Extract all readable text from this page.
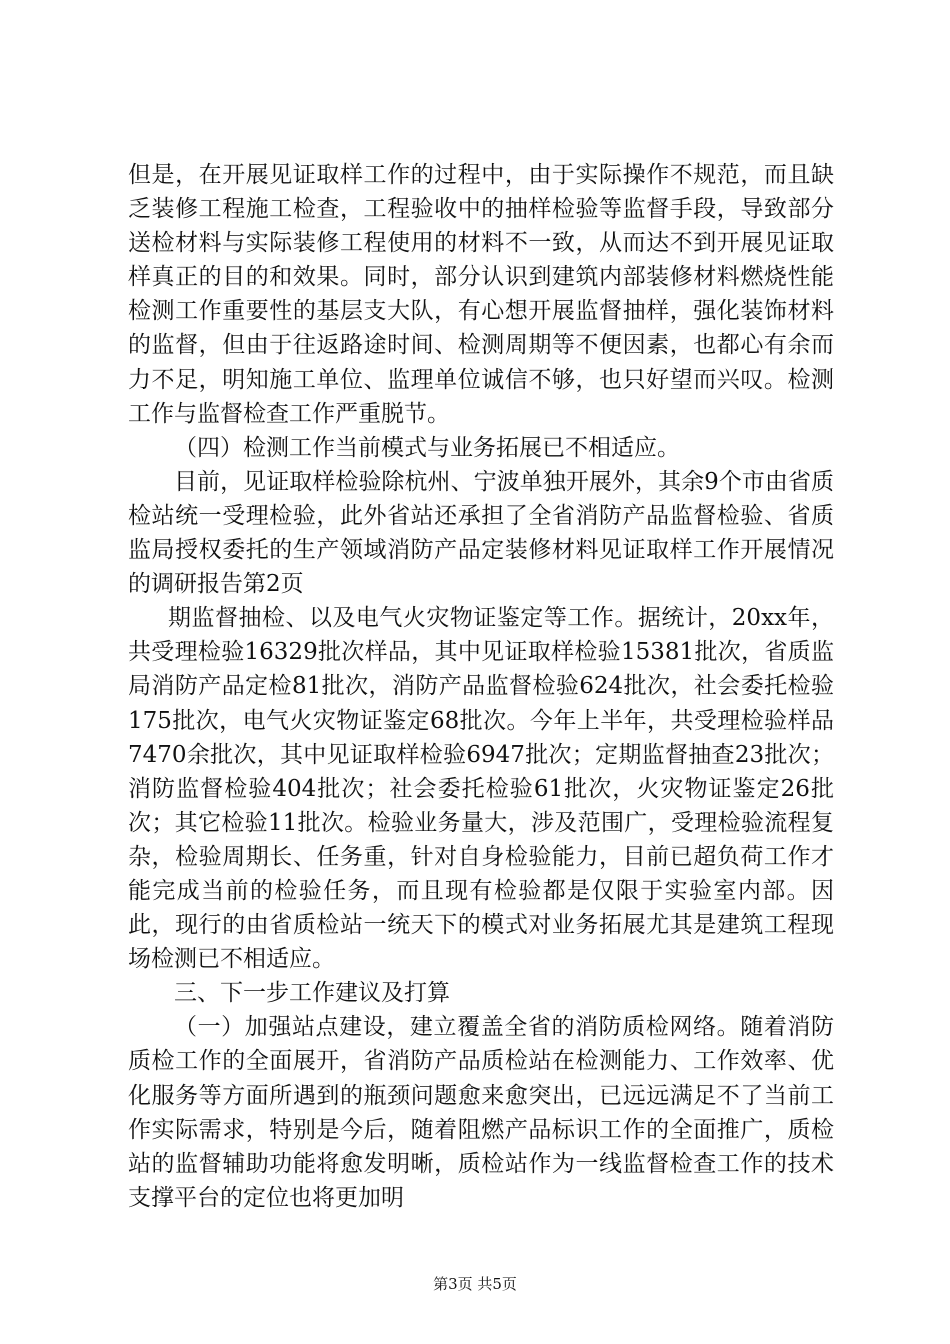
但是，在开展见证取样工作的过程中，由于实际操作不规范，而且缺乏装修工程施工检查，工程验收中的抽样检验等监督手段，导致部分送检材料与实际装修工程使用的材料不一致，从而达不到开展见证取样真正的目的和效果。同时，部分认识到建筑内部装修材料燃烧性能检测工作重要性的基层支大队，有心想开展监督抽样，强化装饰材料的监督，但由于往返路途时间、检测周期等不便因素，也都心有余而力不足，明知施工单位、监理单位诚信不够，也只好望而兴叹。检测工作与监督检查工作严重脱节。

（四）检测工作当前模式与业务拓展已不相适应。

目前，见证取样检验除杭州、宁波单独开展外，其余9个市由省质检站统一受理检验，此外省站还承担了全省消防产品监督检验、省质监局授权委托的生产领域消防产品定装修材料见证取样工作开展情况的调研报告第2页

期监督抽检、以及电气火灾物证鉴定等工作。据统计，20xx年，共受理检验16329批次样品，其中见证取样检验15381批次，省质监局消防产品定检81批次，消防产品监督检验624批次，社会委托检验175批次，电气火灾物证鉴定68批次。今年上半年，共受理检验样品7470余批次，其中见证取样检验6947批次；定期监督抽查23批次；消防监督检验404批次；社会委托检验61批次，火灾物证鉴定26批次；其它检验11批次。检验业务量大，涉及范围广，受理检验流程复杂，检验周期长、任务重，针对自身检验能力，目前已超负荷工作才能完成当前的检验任务，而且现有检验都是仅限于实验室内部。因此，现行的由省质检站一统天下的模式对业务拓展尤其是建筑工程现场检测已不相适应。

三、下一步工作建议及打算

（一）加强站点建设，建立覆盖全省的消防质检网络。随着消防质检工作的全面展开，省消防产品质检站在检测能力、工作效率、优化服务等方面所遇到的瓶颈问题愈来愈突出，已远远满足不了当前工作实际需求，特别是今后，随着阻燃产品标识工作的全面推广，质检站的监督辅助功能将愈发明晰，质检站作为一线监督检查工作的技术支撑平台的定位也将更加明

第3页 共5页
